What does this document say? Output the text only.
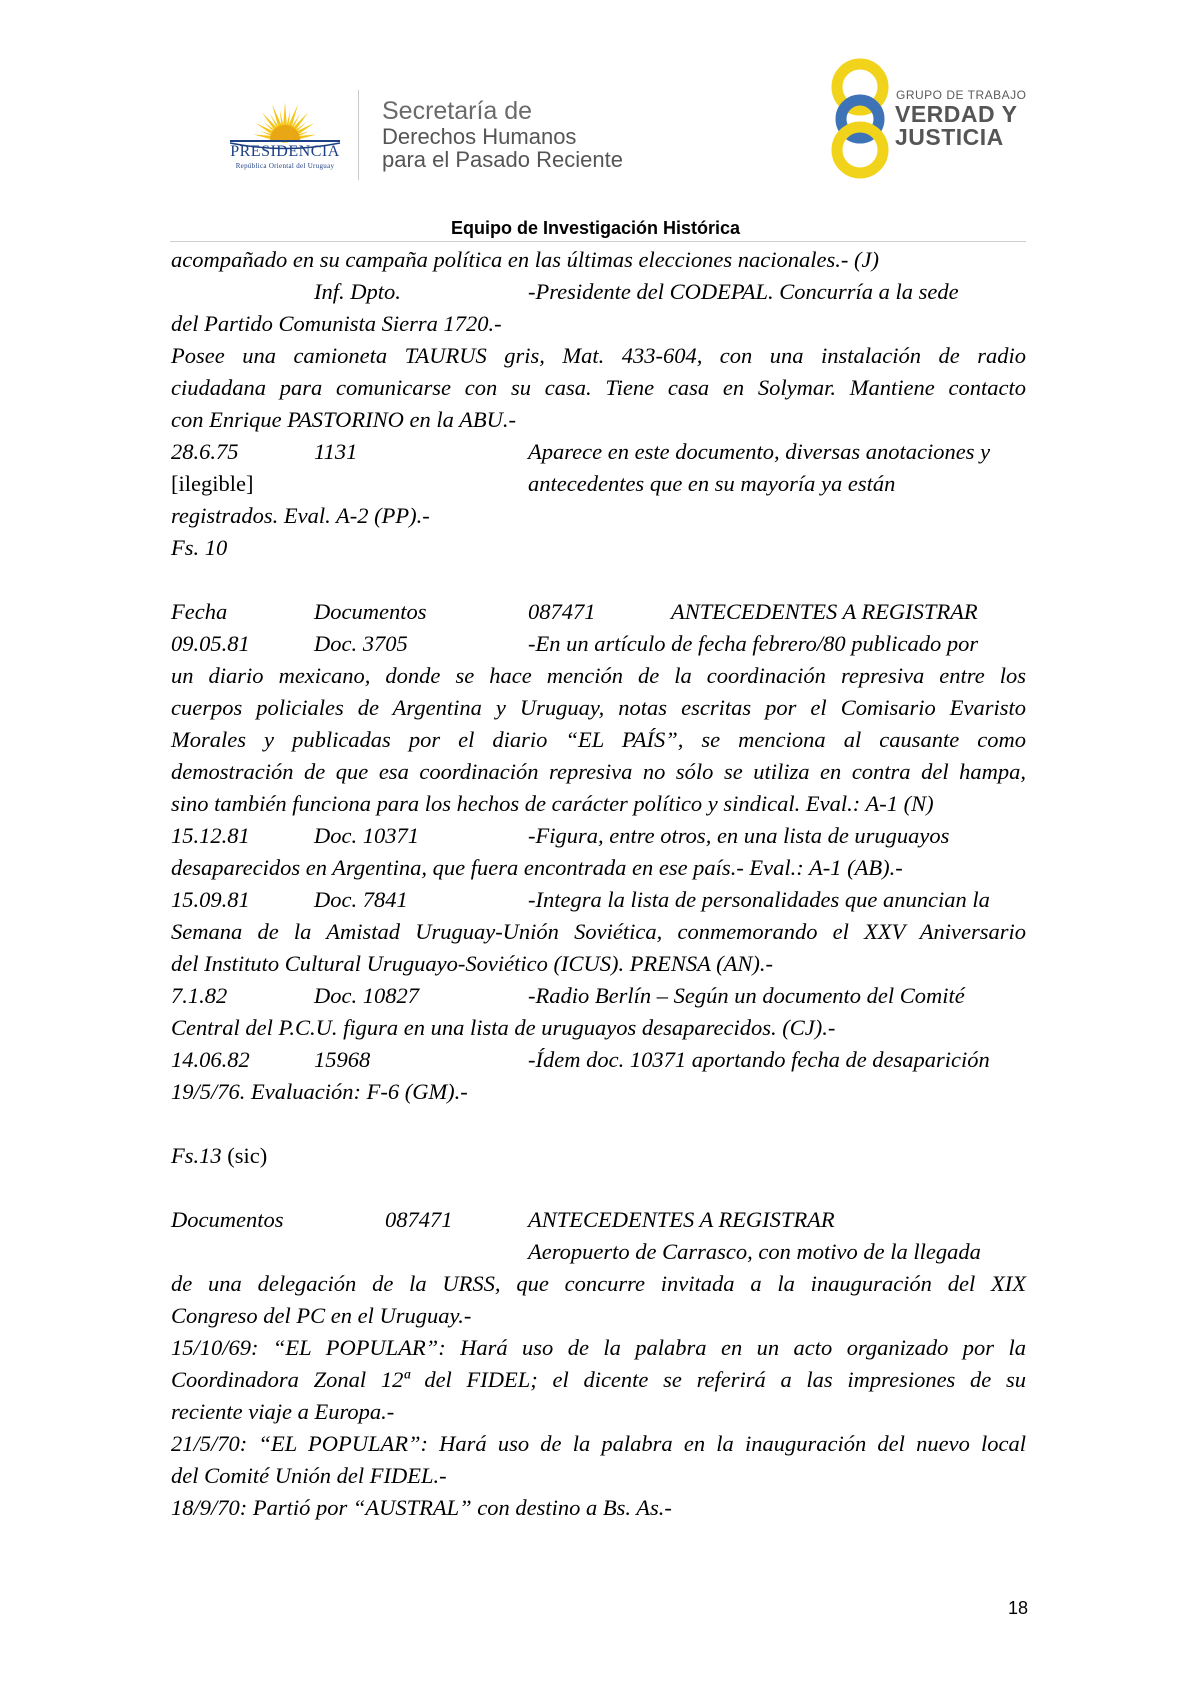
PRESIDENCIA
República Oriental del Uruguay
Secretaría de
Derechos Humanos
para el Pasado Reciente
GRUPO DE TRABAJO
VERDAD Y
JUSTICIA
Equipo de Investigación Histórica
acompañado en su campaña política en las últimas elecciones nacionales.- (J)
Inf. Dpto.	-Presidente del CODEPAL. Concurría a la sede
del Partido Comunista Sierra 1720.-
Posee una camioneta TAURUS gris, Mat. 433-604, con una instalación de radio
ciudadana para comunicarse con su casa. Tiene casa en Solymar. Mantiene contacto
con Enrique PASTORINO en la ABU.-
28.6.75	1131	Aparece en este documento, diversas anotaciones y
[ilegible]	antecedentes que en su mayoría ya están
registrados. Eval. A-2 (PP).-
Fs. 10
Fecha	Documentos	087471	ANTECEDENTES A REGISTRAR
09.05.81	Doc. 3705	-En un artículo de fecha febrero/80 publicado por
un diario mexicano, donde se hace mención de la coordinación represiva entre los
cuerpos policiales de Argentina y Uruguay, notas escritas por el Comisario Evaristo
Morales y publicadas por el diario “EL PAÍS”, se menciona al causante como
demostración de que esa coordinación represiva no sólo se utiliza en contra del hampa,
sino también funciona para los hechos de carácter político y sindical. Eval.: A-1 (N)
15.12.81	Doc. 10371	-Figura, entre otros, en una lista de uruguayos
desaparecidos en Argentina, que fuera encontrada en ese país.- Eval.: A-1 (AB).-
15.09.81	Doc. 7841	-Integra la lista de personalidades que anuncian la
Semana de la Amistad Uruguay-Unión Soviética, conmemorando el XXV Aniversario
del Instituto Cultural Uruguayo-Soviético (ICUS). PRENSA (AN).-
7.1.82	Doc. 10827	-Radio Berlín – Según un documento del Comité
Central del P.C.U. figura en una lista de uruguayos desaparecidos. (CJ).-
14.06.82	15968	-Ídem doc. 10371 aportando fecha de desaparición
19/5/76. Evaluación: F-6 (GM).-
Fs.13 (sic)
Documentos	087471	ANTECEDENTES A REGISTRAR
Aeropuerto de Carrasco, con motivo de la llegada
de una delegación de la URSS, que concurre invitada a la inauguración del XIX
Congreso del PC en el Uruguay.-
15/10/69: “EL POPULAR”: Hará uso de la palabra en un acto organizado por la
Coordinadora Zonal 12ª del FIDEL; el dicente se referirá a las impresiones de su
reciente viaje a Europa.-
21/5/70: “EL POPULAR”: Hará uso de la palabra en la inauguración del nuevo local
del Comité Unión del FIDEL.-
18/9/70: Partió por “AUSTRAL” con destino a Bs. As.-
18
